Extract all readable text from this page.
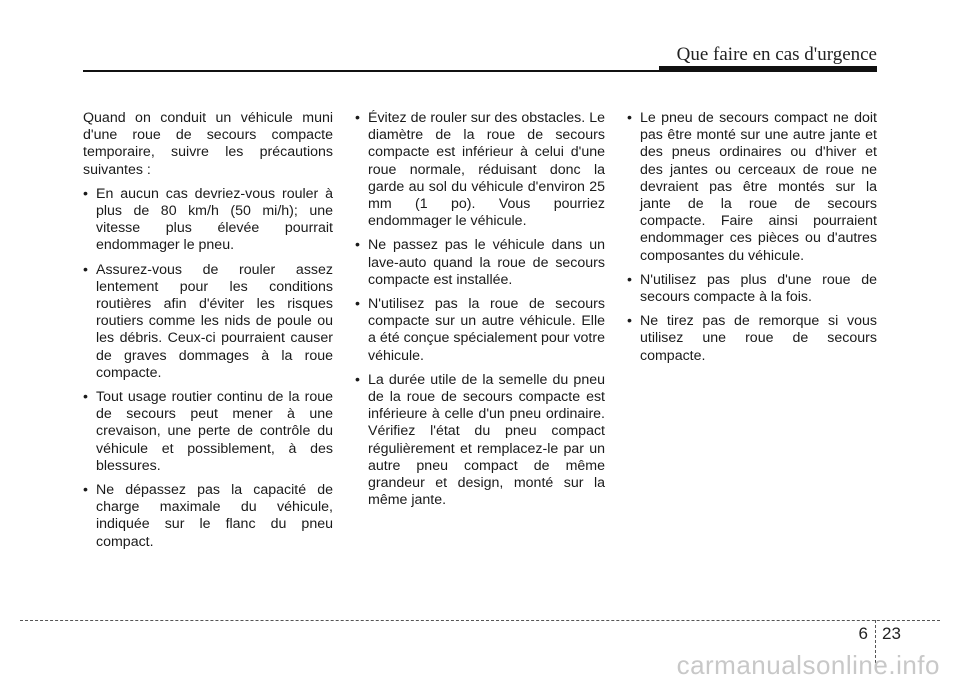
Que faire en cas d'urgence

Quand on conduit un véhicule muni d'une roue de secours compacte temporaire, suivre les précautions suivantes :

• En aucun cas devriez-vous rouler à plus de 80 km/h (50 mi/h); une vitesse plus élevée pourrait endommager le pneu.
• Assurez-vous de rouler assez lentement pour les conditions routières afin d'éviter les risques routiers comme les nids de poule ou les débris. Ceux-ci pourraient causer de graves dommages à la roue compacte.
• Tout usage routier continu de la roue de secours peut mener à une crevaison, une perte de contrôle du véhicule et possiblement, à des blessures.
• Ne dépassez pas la capacité de charge maximale du véhicule, indiquée sur le flanc du pneu compact.
• Évitez de rouler sur des obstacles. Le diamètre de la roue de secours compacte est inférieur à celui d'une roue normale, réduisant donc la garde au sol du véhicule d'environ 25 mm (1 po). Vous pourriez endommager le véhicule.
• Ne passez pas le véhicule dans un lave-auto quand la roue de secours compacte est installée.
• N'utilisez pas la roue de secours compacte sur un autre véhicule. Elle a été conçue spécialement pour votre véhicule.
• La durée utile de la semelle du pneu de la roue de secours compacte est inférieure à celle d'un pneu ordinaire. Vérifiez l'état du pneu compact régulièrement et remplacez-le par un autre pneu compact de même grandeur et design, monté sur la même jante.
• Le pneu de secours compact ne doit pas être monté sur une autre jante et des pneus ordinaires ou d'hiver et des jantes ou cerceaux de roue ne devraient pas être montés sur la jante de la roue de secours compacte. Faire ainsi pourraient endommager ces pièces ou d'autres composantes du véhicule.
• N'utilisez pas plus d'une roue de secours compacte à la fois.
• Ne tirez pas de remorque si vous utilisez une roue de secours compacte.
6 23
carmanualsonline.info
